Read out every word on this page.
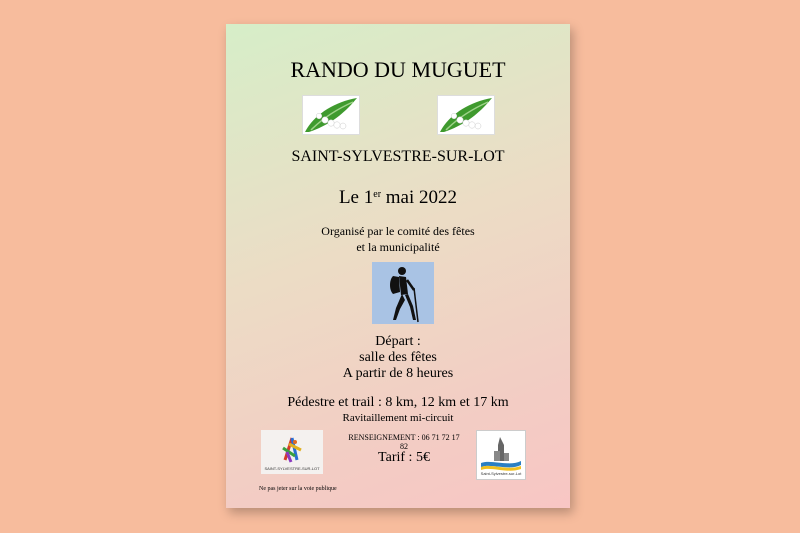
RANDO DU MUGUET
SAINT-SYLVESTRE-SUR-LOT
Le 1er mai 2022
Organisé par le comité des fêtes
et la municipalité
Départ :
salle des fêtes
A partir de 8 heures
Pédestre et trail : 8 km, 12 km et 17 km
Ravitaillement mi-circuit
SAINT-SYLVESTRE-SUR-LOT
RENSEIGNEMENT : 06 71 72 17 82
Tarif : 5€
Saint-Sylvestre-sur-Lot
Ne pas jeter sur la voie publique
